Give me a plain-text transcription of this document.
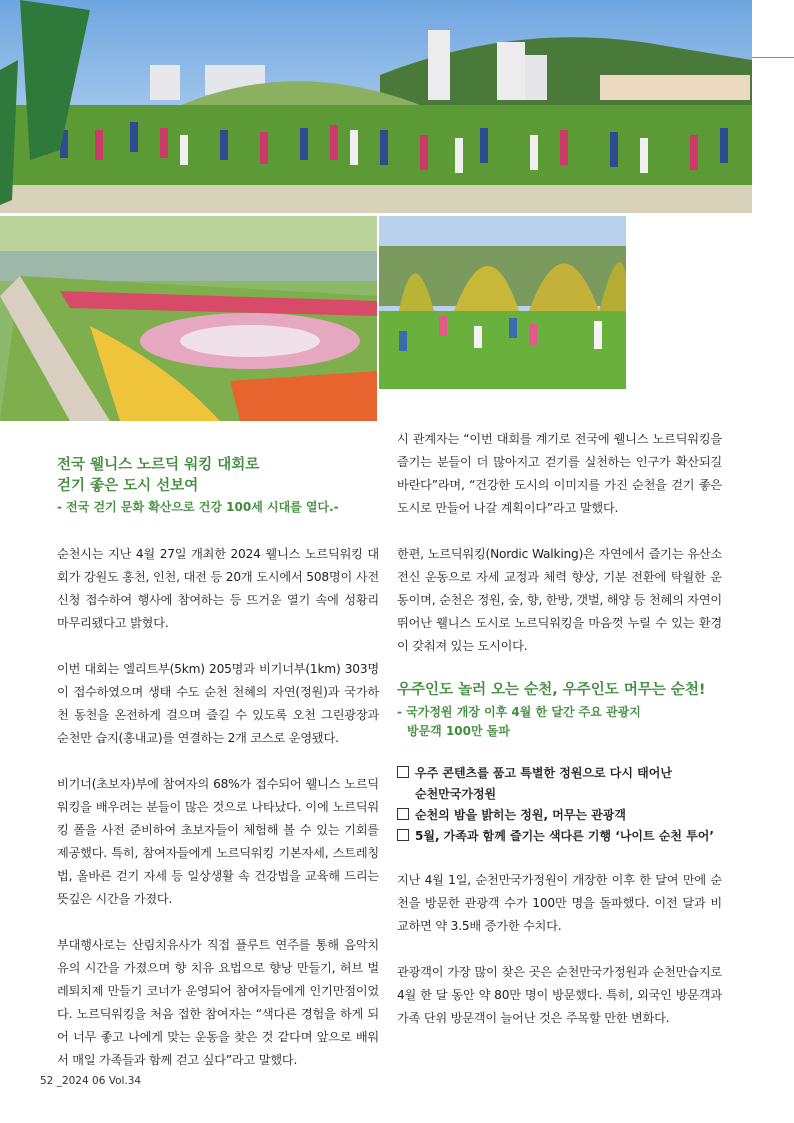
전국 웰니스 노르딕 워킹 대회로
걷기 좋은 도시 선보여

- 전국 걷기 문화 확산으로 건강 100세 시대를 열다.-

순천시는 지난 4월 27일 개최한 2024 웰니스 노르딕워킹 대회가 강원도 홍천, 인천, 대전 등 20개 도시에서 508명이 사전 신청 접수하여 행사에 참여하는 등 뜨거운 열기 속에 성황리 마무리됐다고 밝혔다.

이번 대회는 엘리트부(5km) 205명과 비기너부(1km) 303명이 접수하였으며 생태 수도 순천 천혜의 자연(정원)과 국가하천 동천을 온전하게 걸으며 즐길 수 있도록 오천 그린광장과 순천만 습지(홍내교)를 연결하는 2개 코스로 운영됐다.

비기너(초보자)부에 참여자의 68%가 접수되어 웰니스 노르딕워킹을 배우려는 분들이 많은 것으로 나타났다. 이에 노르딕워킹 폴을 사전 준비하여 초보자들이 체험해 볼 수 있는 기회를 제공했다. 특히, 참여자들에게 노르딕워킹 기본자세, 스트레칭법, 올바른 걷기 자세 등 일상생활 속 건강법을 교육해 드리는 뜻깊은 시간을 가졌다.

부대행사로는 산림치유사가 직접 플루트 연주를 통해 음악치유의 시간을 가졌으며 향 치유 요법으로 향낭 만들기, 허브 벌레퇴치제 만들기 코너가 운영되어 참여자들에게 인기만점이었다. 노르딕워킹을 처음 접한 참여자는 “색다른 경험을 하게 되어 너무 좋고 나에게 맞는 운동을 찾은 것 같다며 앞으로 배워서 매일 가족들과 함께 걷고 싶다”라고 말했다.

시 관계자는 “이번 대회를 계기로 전국에 웰니스 노르딕워킹을 즐기는 분들이 더 많아지고 걷기를 실천하는 인구가 확산되길 바란다”라며, “건강한 도시의 이미지를 가진 순천을 걷기 좋은 도시로 만들어 나갈 계획이다”라고 말했다.

한편, 노르딕워킹(Nordic Walking)은 자연에서 즐기는 유산소 전신 운동으로 자세 교정과 체력 향상, 기분 전환에 탁월한 운동이며, 순천은 정원, 숲, 향, 한방, 갯벌, 해양 등 천혜의 자연이 뛰어난 웰니스 도시로 노르딕워킹을 마음껏 누릴 수 있는 환경이 갖춰져 있는 도시이다.

우주인도 놀러 오는 순천, 우주인도 머무는 순천!

- 국가정원 개장 이후 4월 한 달간 주요 관광지

방문객 100만 돌파

우주 콘텐츠를 품고 특별한 정원으로 다시 태어난
순천만국가정원
순천의 밤을 밝히는 정원, 머무는 관광객
5월, 가족과 함께 즐기는 색다른 기행 ‘나이트 순천 투어’

지난 4월 1일, 순천만국가정원이 개장한 이후 한 달여 만에 순천을 방문한 관광객 수가 100만 명을 돌파했다. 이전 달과 비교하면 약 3.5배 증가한 수치다.

관광객이 가장 많이 찾은 곳은 순천만국가정원과 순천만습지로 4월 한 달 동안 약 80만 명이 방문했다. 특히, 외국인 방문객과 가족 단위 방문객이 늘어난 것은 주목할 만한 변화다.

52 _2024 06 Vol.34
